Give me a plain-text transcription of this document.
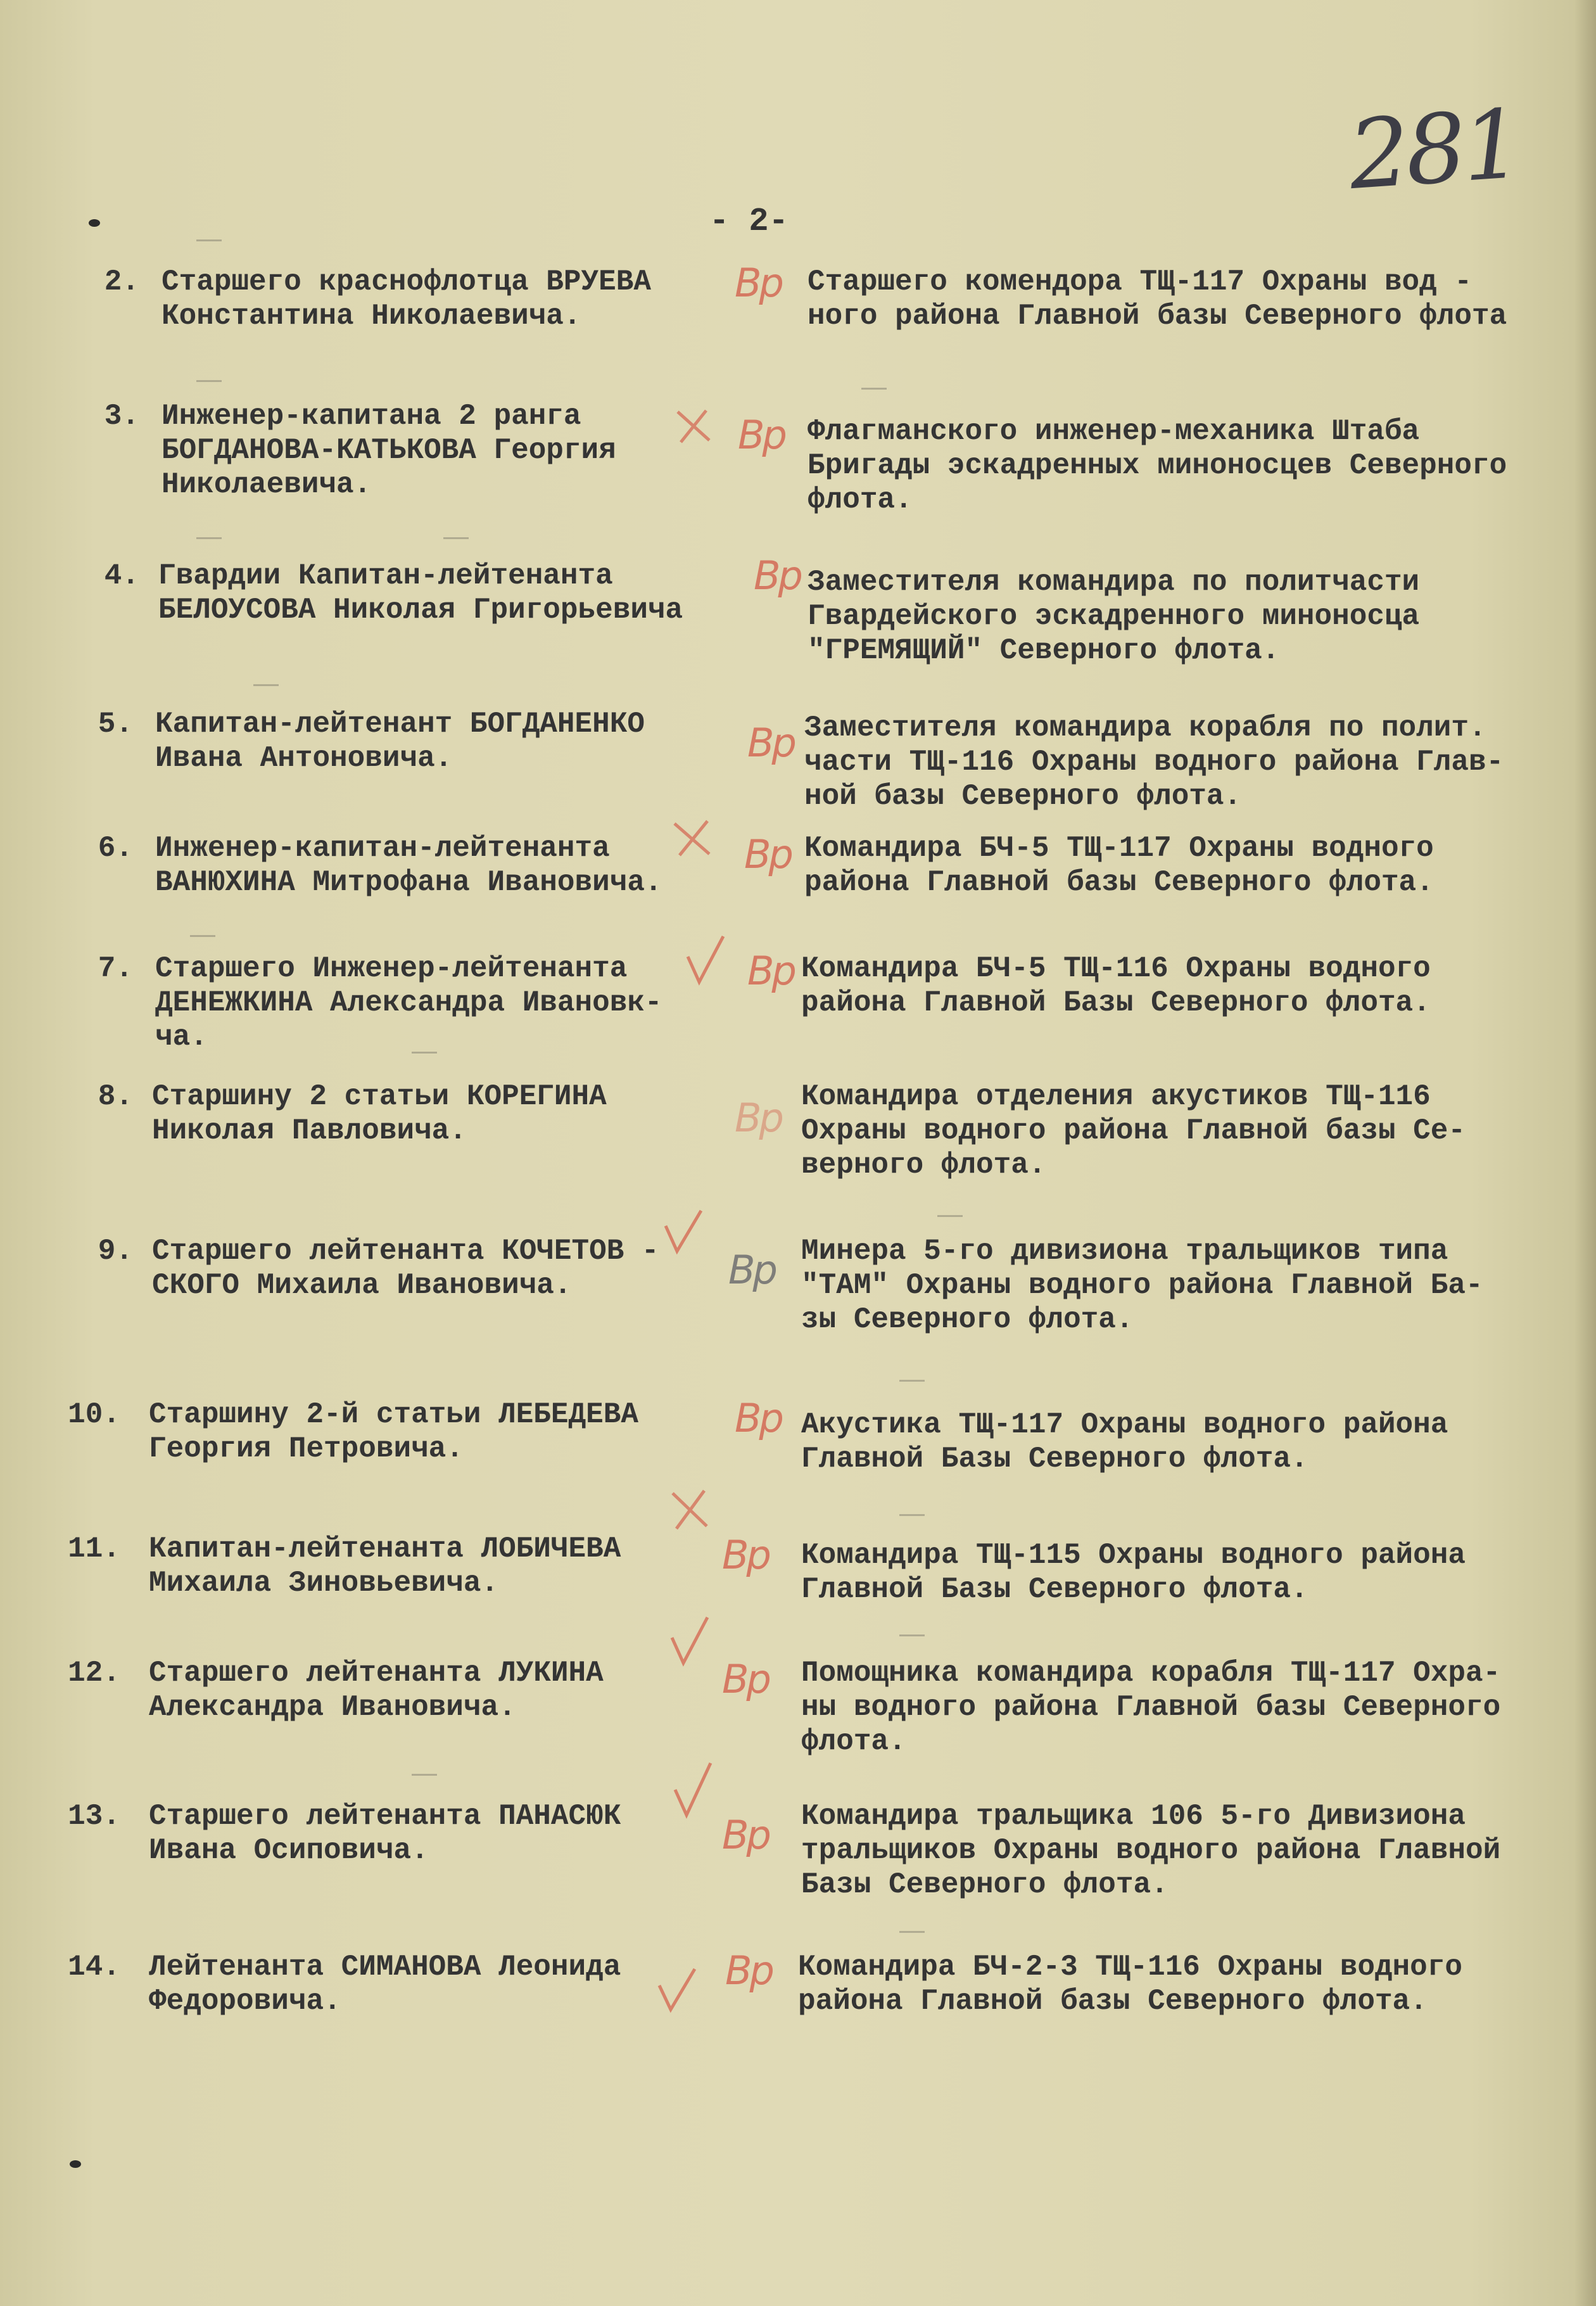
281
- 2-
2. Старшего краснофлотца ВРУЕВА
Константина Николаевича.
Старшего комендора ТЩ-117 Охраны вод -
ного района Главной базы Северного флота
Вр
3. Инженер-капитана 2 ранга
БОГДАНОВА-КАТЬКОВА Георгия
Николаевича.
Флагманского инженер-механика Штаба
Бригады эскадренных миноносцев Северного
флота.
Вр
4. Гвардии Капитан-лейтенанта
БЕЛОУСОВА Николая Григорьевича
Заместителя командира по политчасти
Гвардейского эскадренного миноносца
"ГРЕМЯЩИЙ" Северного флота.
Вр
5. Капитан-лейтенант БОГДАНЕНКО
Ивана Антоновича.
Заместителя командира корабля по полит.
части ТЩ-116 Охраны водного района Глав-
ной базы Северного флота.
Вр
6. Инженер-капитан-лейтенанта
ВАНЮХИНА Митрофана Ивановича.
Командира БЧ-5 ТЩ-117 Охраны водного
района Главной базы Северного флота.
Вр
7. Старшего Инженер-лейтенанта
ДЕНЕЖКИНА Александра Ивановк-
ча.
Командира БЧ-5 ТЩ-116 Охраны водного
района Главной Базы Северного флота.
Вр
8. Старшину 2 статьи КОРЕГИНА
Николая Павловича.
Командира отделения акустиков ТЩ-116
Охраны водного района Главной базы Се-
верного флота.
Вр
9. Старшего лейтенанта КОЧЕТОВ -
СКОГО Михаила Ивановича.
Минера 5-го дивизиона тральщиков типа
"ТАМ" Охраны водного района Главной Ба-
зы Северного флота.
Вр
10. Старшину 2-й статьи ЛЕБЕДЕВА
Георгия Петровича.
Акустика ТЩ-117 Охраны водного района
Главной Базы Северного флота.
Вр
11. Капитан-лейтенанта ЛОБИЧЕВА
Михаила Зиновьевича.
Командира ТЩ-115 Охраны водного района
Главной Базы Северного флота.
Вр
12. Старшего лейтенанта ЛУКИНА
Александра Ивановича.
Помощника командира корабля ТЩ-117 Охра-
ны водного района Главной базы Северного
флота.
Вр
13. Старшего лейтенанта ПАНАСЮК
Ивана Осиповича.
Командира тральщика 106 5-го Дивизиона
тральщиков Охраны водного района Главной
Базы Северного флота.
Вр
14. Лейтенанта СИМАНОВА Леонида
Федоровича.
Командира БЧ-2-3 ТЩ-116 Охраны водного
района Главной базы Северного флота.
Вр
